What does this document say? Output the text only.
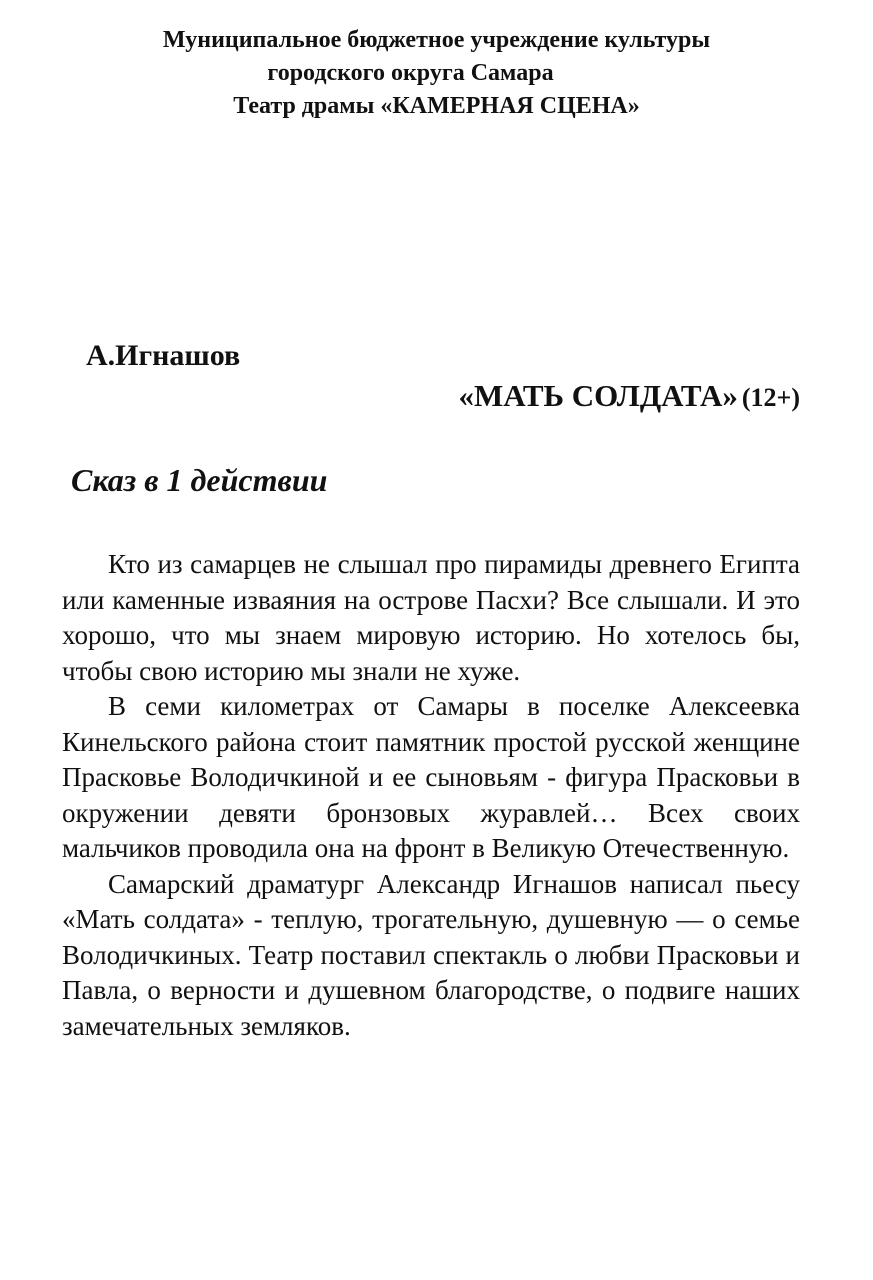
Муниципальное бюджетное учреждение культуры
городского округа Самара
Театр драмы «КАМЕРНАЯ СЦЕНА»
А.Игнашов
«МАТЬ СОЛДАТА» (12+)
Сказ в 1 действии

Кто из самарцев не слышал про пирамиды древнего Египта или каменные изваяния на острове Пасхи? Все слышали. И это хорошо, что мы знаем мировую историю. Но хотелось бы, чтобы свою историю мы знали не хуже.

В семи километрах от Самары в поселке Алексеевка Кинельского района стоит памятник простой русской женщине Прасковье Володичкиной и ее сыновьям - фигура Прасковьи в окружении девяти бронзовых журавлей… Всех своих мальчиков проводила она на фронт в Великую Отечественную.

Самарский драматург Александр Игнашов написал пьесу «Мать солдата» - теплую, трогательную, душевную — о семье Володичкиных. Театр поставил спектакль о любви Прасковьи и Павла, о верности и душевном благородстве, о подвиге наших замечательных земляков.
